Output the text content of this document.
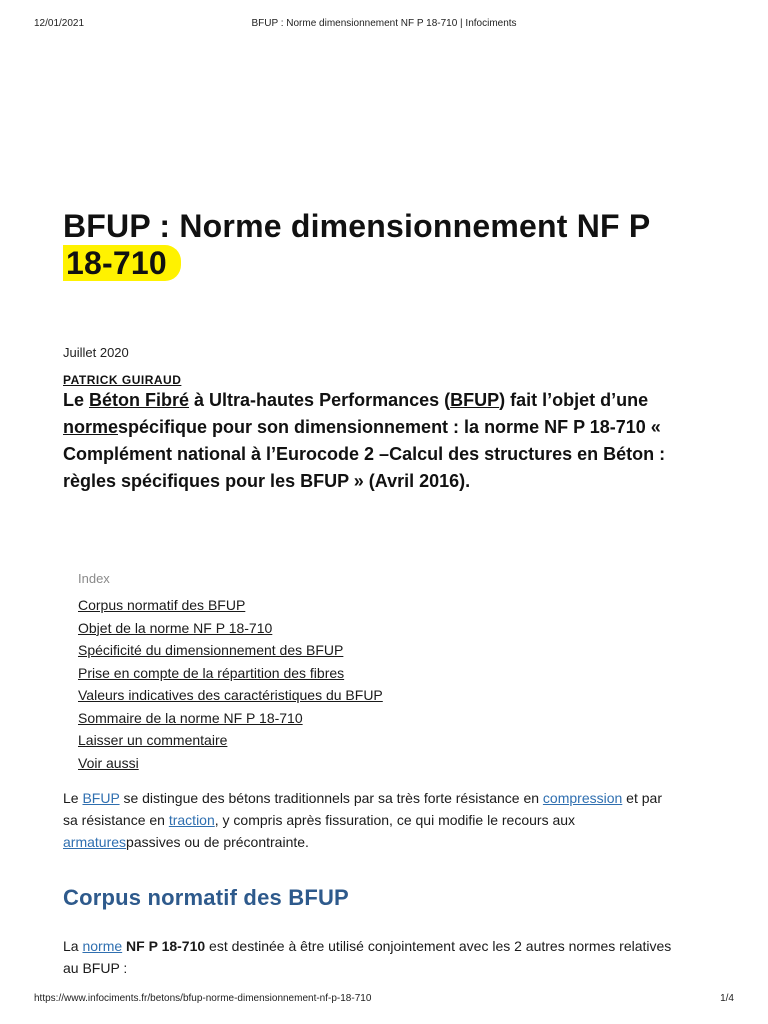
12/01/2021	BFUP : Norme dimensionnement NF P 18-710 | Infociments
BFUP : Norme dimensionnement NF P
18-710
Juillet 2020
PATRICK GUIRAUD

Le Béton Fibré à Ultra-hautes Performances (BFUP) fait l’objet d’une normespécifique pour son dimensionnement : la norme NF P 18-710 « Complément national à l’Eurocode 2 –Calcul des structures en Béton : règles spécifiques pour les BFUP » (Avril 2016).

Index
Corpus normatif des BFUP
Objet de la norme NF P 18-710
Spécificité du dimensionnement des BFUP
Prise en compte de la répartition des fibres
Valeurs indicatives des caractéristiques du BFUP
Sommaire de la norme NF P 18-710
Laisser un commentaire
Voir aussi

Le BFUP se distingue des bétons traditionnels par sa très forte résistance en compression et par sa résistance en traction, y compris après fissuration, ce qui modifie le recours aux armaturespassives ou de précontrainte.

Corpus normatif des BFUP

La norme NF P 18-710 est destinée à être utilisé conjointement avec les 2 autres normes relatives au BFUP :

https://www.infociments.fr/betons/bfup-norme-dimensionnement-nf-p-18-710	1/4
